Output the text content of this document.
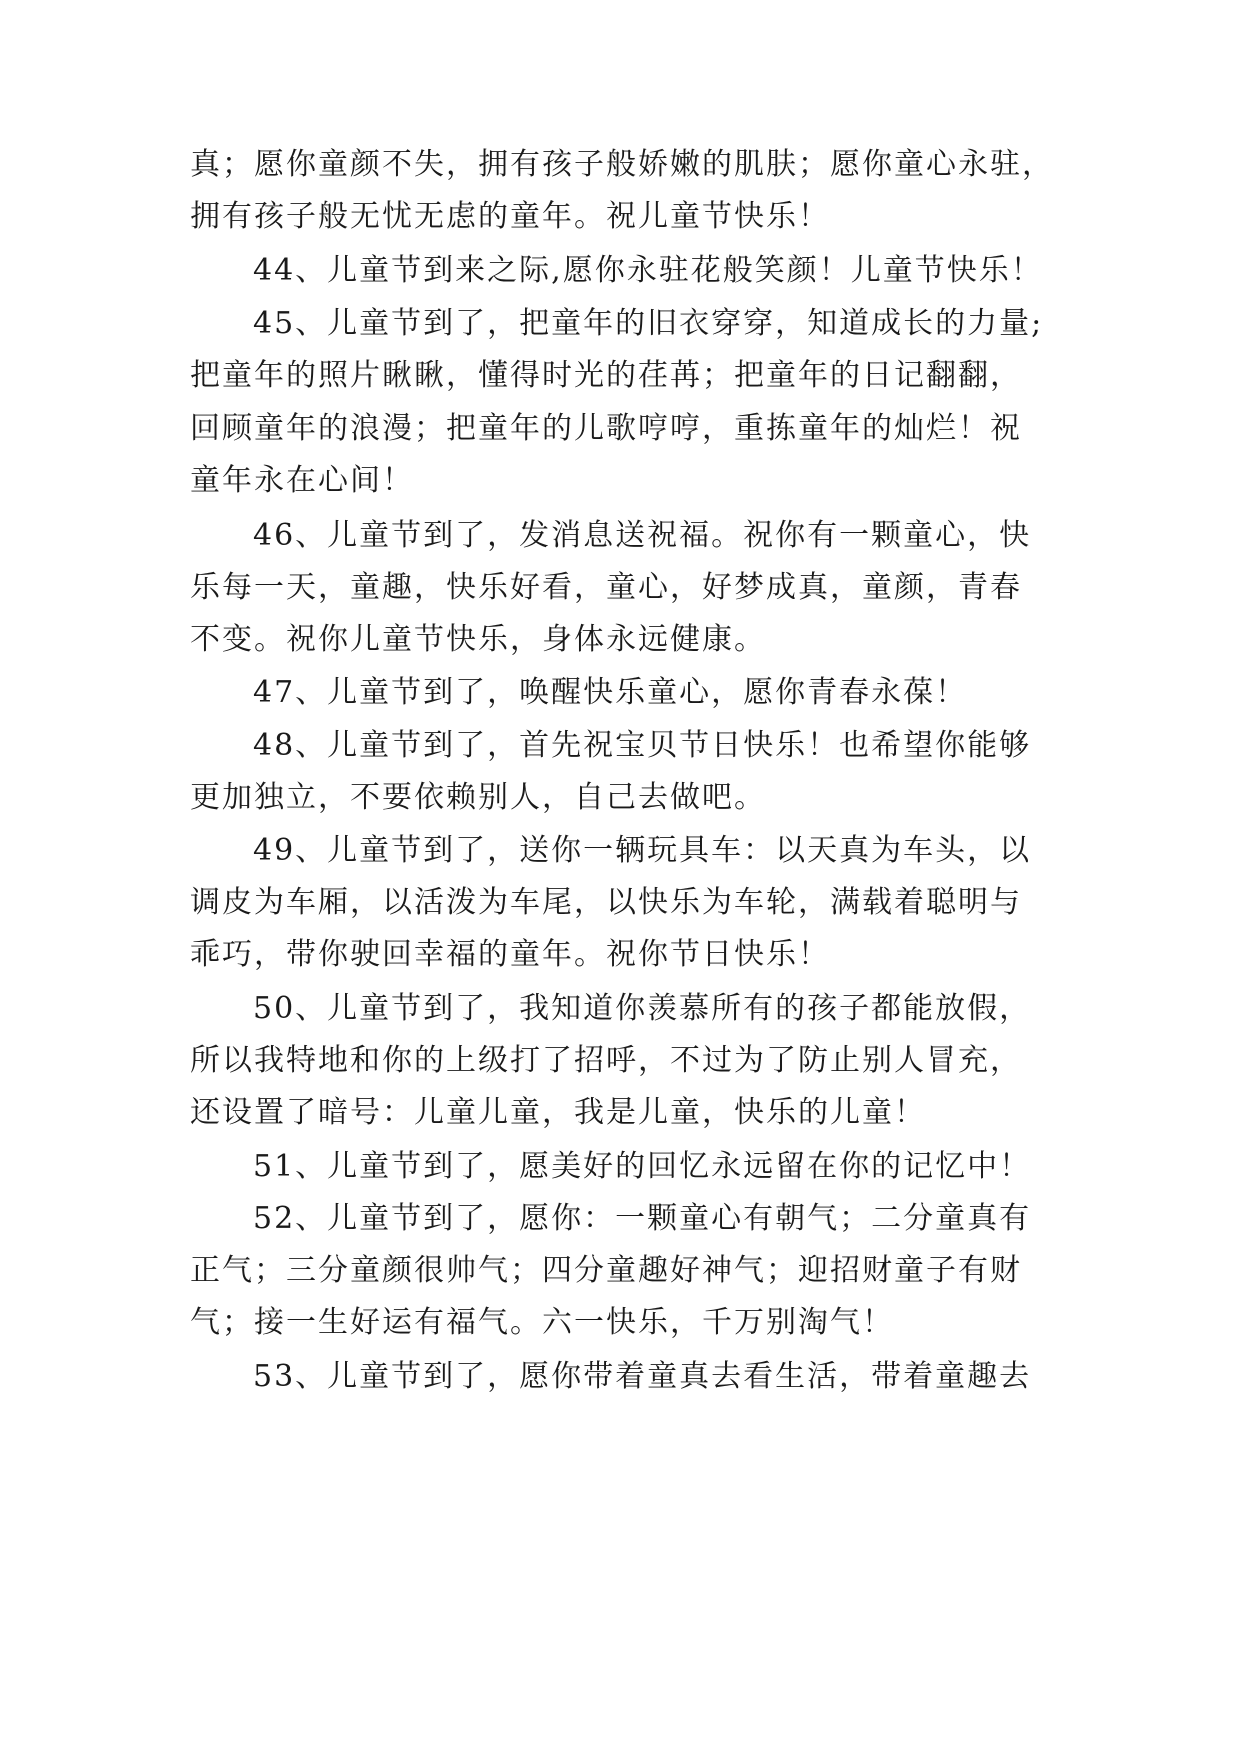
真；愿你童颜不失，拥有孩子般娇嫩的肌肤；愿你童心永驻，
拥有孩子般无忧无虑的童年。祝儿童节快乐！
44、儿童节到来之际,愿你永驻花般笑颜！儿童节快乐！
45、儿童节到了，把童年的旧衣穿穿，知道成长的力量;
把童年的照片瞅瞅，懂得时光的荏苒；把童年的日记翻翻，
回顾童年的浪漫；把童年的儿歌哼哼，重拣童年的灿烂！祝
童年永在心间！
46、儿童节到了，发消息送祝福。祝你有一颗童心，快
乐每一天，童趣，快乐好看，童心，好梦成真，童颜，青春
不变。祝你儿童节快乐，身体永远健康。
47、儿童节到了，唤醒快乐童心，愿你青春永葆！
48、儿童节到了，首先祝宝贝节日快乐！也希望你能够
更加独立，不要依赖别人，自己去做吧。
49、儿童节到了，送你一辆玩具车：以天真为车头，以
调皮为车厢，以活泼为车尾，以快乐为车轮，满载着聪明与
乖巧，带你驶回幸福的童年。祝你节日快乐！
50、儿童节到了，我知道你羡慕所有的孩子都能放假，
所以我特地和你的上级打了招呼，不过为了防止别人冒充，
还设置了暗号：儿童儿童，我是儿童，快乐的儿童！
51、儿童节到了，愿美好的回忆永远留在你的记忆中！
52、儿童节到了，愿你：一颗童心有朝气；二分童真有
正气；三分童颜很帅气；四分童趣好神气；迎招财童子有财
气；接一生好运有福气。六一快乐，千万别淘气！
53、儿童节到了，愿你带着童真去看生活，带着童趣去
